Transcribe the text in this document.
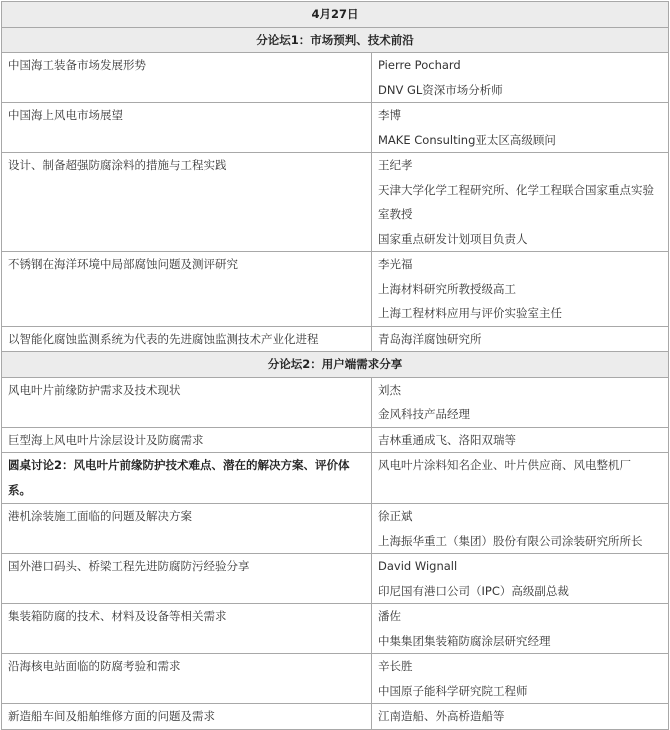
4月27日	
分论坛1：市场预判、技术前沿	
中国海工装备市场发展形势	Pierre Pochard
DNV GL资深市场分析师

中国海上风电市场展望	李博
MAKE Consulting亚太区高级顾问

设计、制备超强防腐涂料的措施与工程实践	王纪孝
天津大学化学工程研究所、化学工程联合国家重点实验室教授
国家重点研发计划项目负责人

不锈钢在海洋环境中局部腐蚀问题及测评研究	李光福
上海材料研究所教授级高工
上海工程材料应用与评价实验室主任

以智能化腐蚀监测系统为代表的先进腐蚀监测技术产业化进程	青岛海洋腐蚀研究所

分论坛2：用户端需求分享	
风电叶片前缘防护需求及技术现状	刘杰
金风科技产品经理

巨型海上风电叶片涂层设计及防腐需求	吉林重通成飞、洛阳双瑞等

圆桌讨论2：风电叶片前缘防护技术难点、潜在的解决方案、评价体系。	风电叶片涂料知名企业、叶片供应商、风电整机厂

港机涂装施工面临的问题及解决方案	徐正斌
上海振华重工（集团）股份有限公司涂装研究所所长

国外港口码头、桥梁工程先进防腐防污经验分享	David Wignall
印尼国有港口公司（IPC）高级副总裁

集装箱防腐的技术、材料及设备等相关需求	潘佐
中集集团集装箱防腐涂层研究经理

沿海核电站面临的防腐考验和需求	辛长胜
中国原子能科学研究院工程师

新造船车间及船舶维修方面的问题及需求	江南造船、外高桥造船等
